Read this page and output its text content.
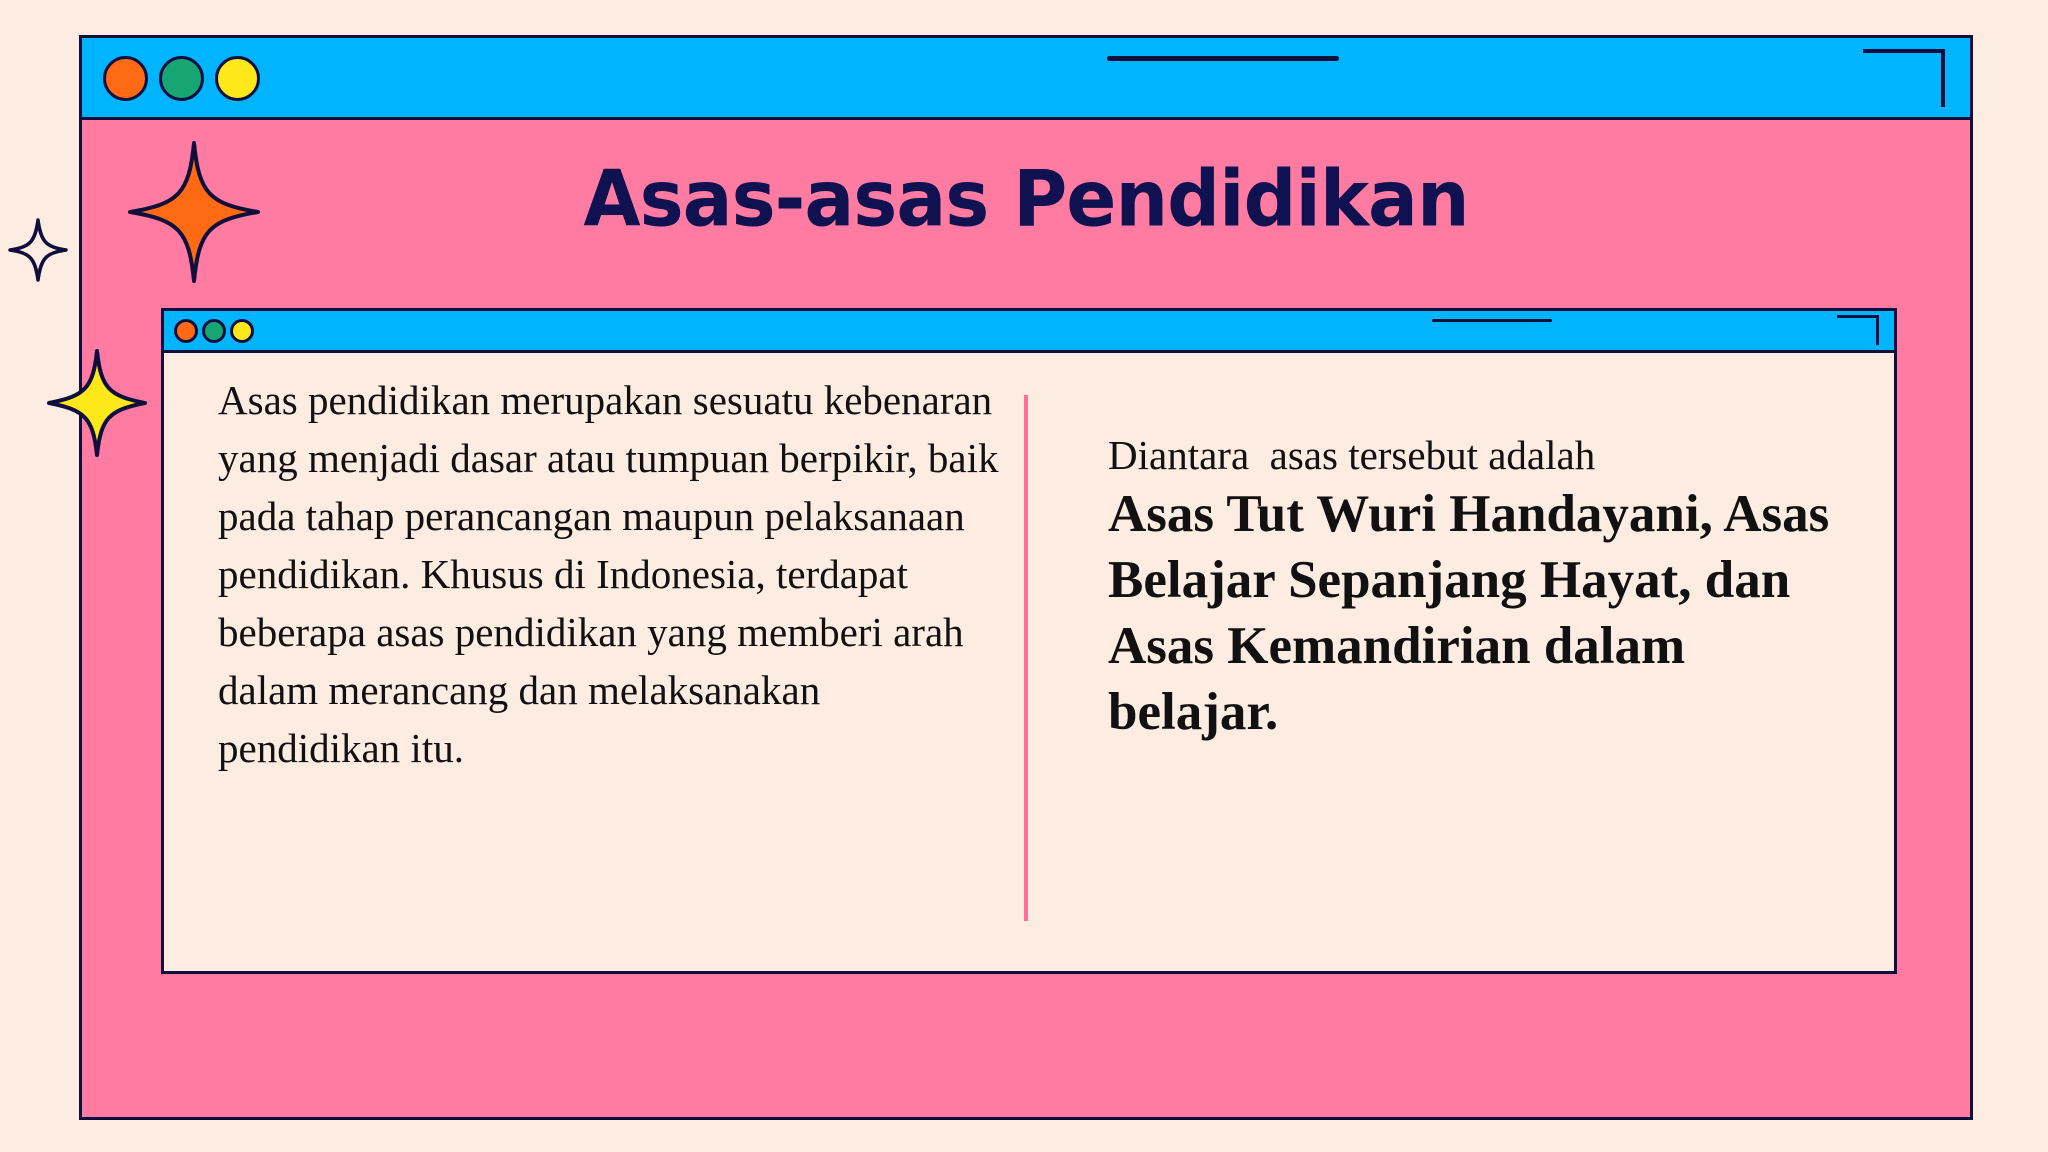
Asas-asas Pendidikan

Asas pendidikan merupakan sesuatu kebenaran yang menjadi dasar atau tumpuan berpikir, baik pada tahap perancangan maupun pelaksanaan pendidikan. Khusus di Indonesia, terdapat beberapa asas pendidikan yang memberi arah dalam merancang dan melaksanakan pendidikan itu.

Diantara  asas tersebut adalah

Asas Tut Wuri Handayani, Asas Belajar Sepanjang Hayat, dan Asas Kemandirian dalam belajar.
